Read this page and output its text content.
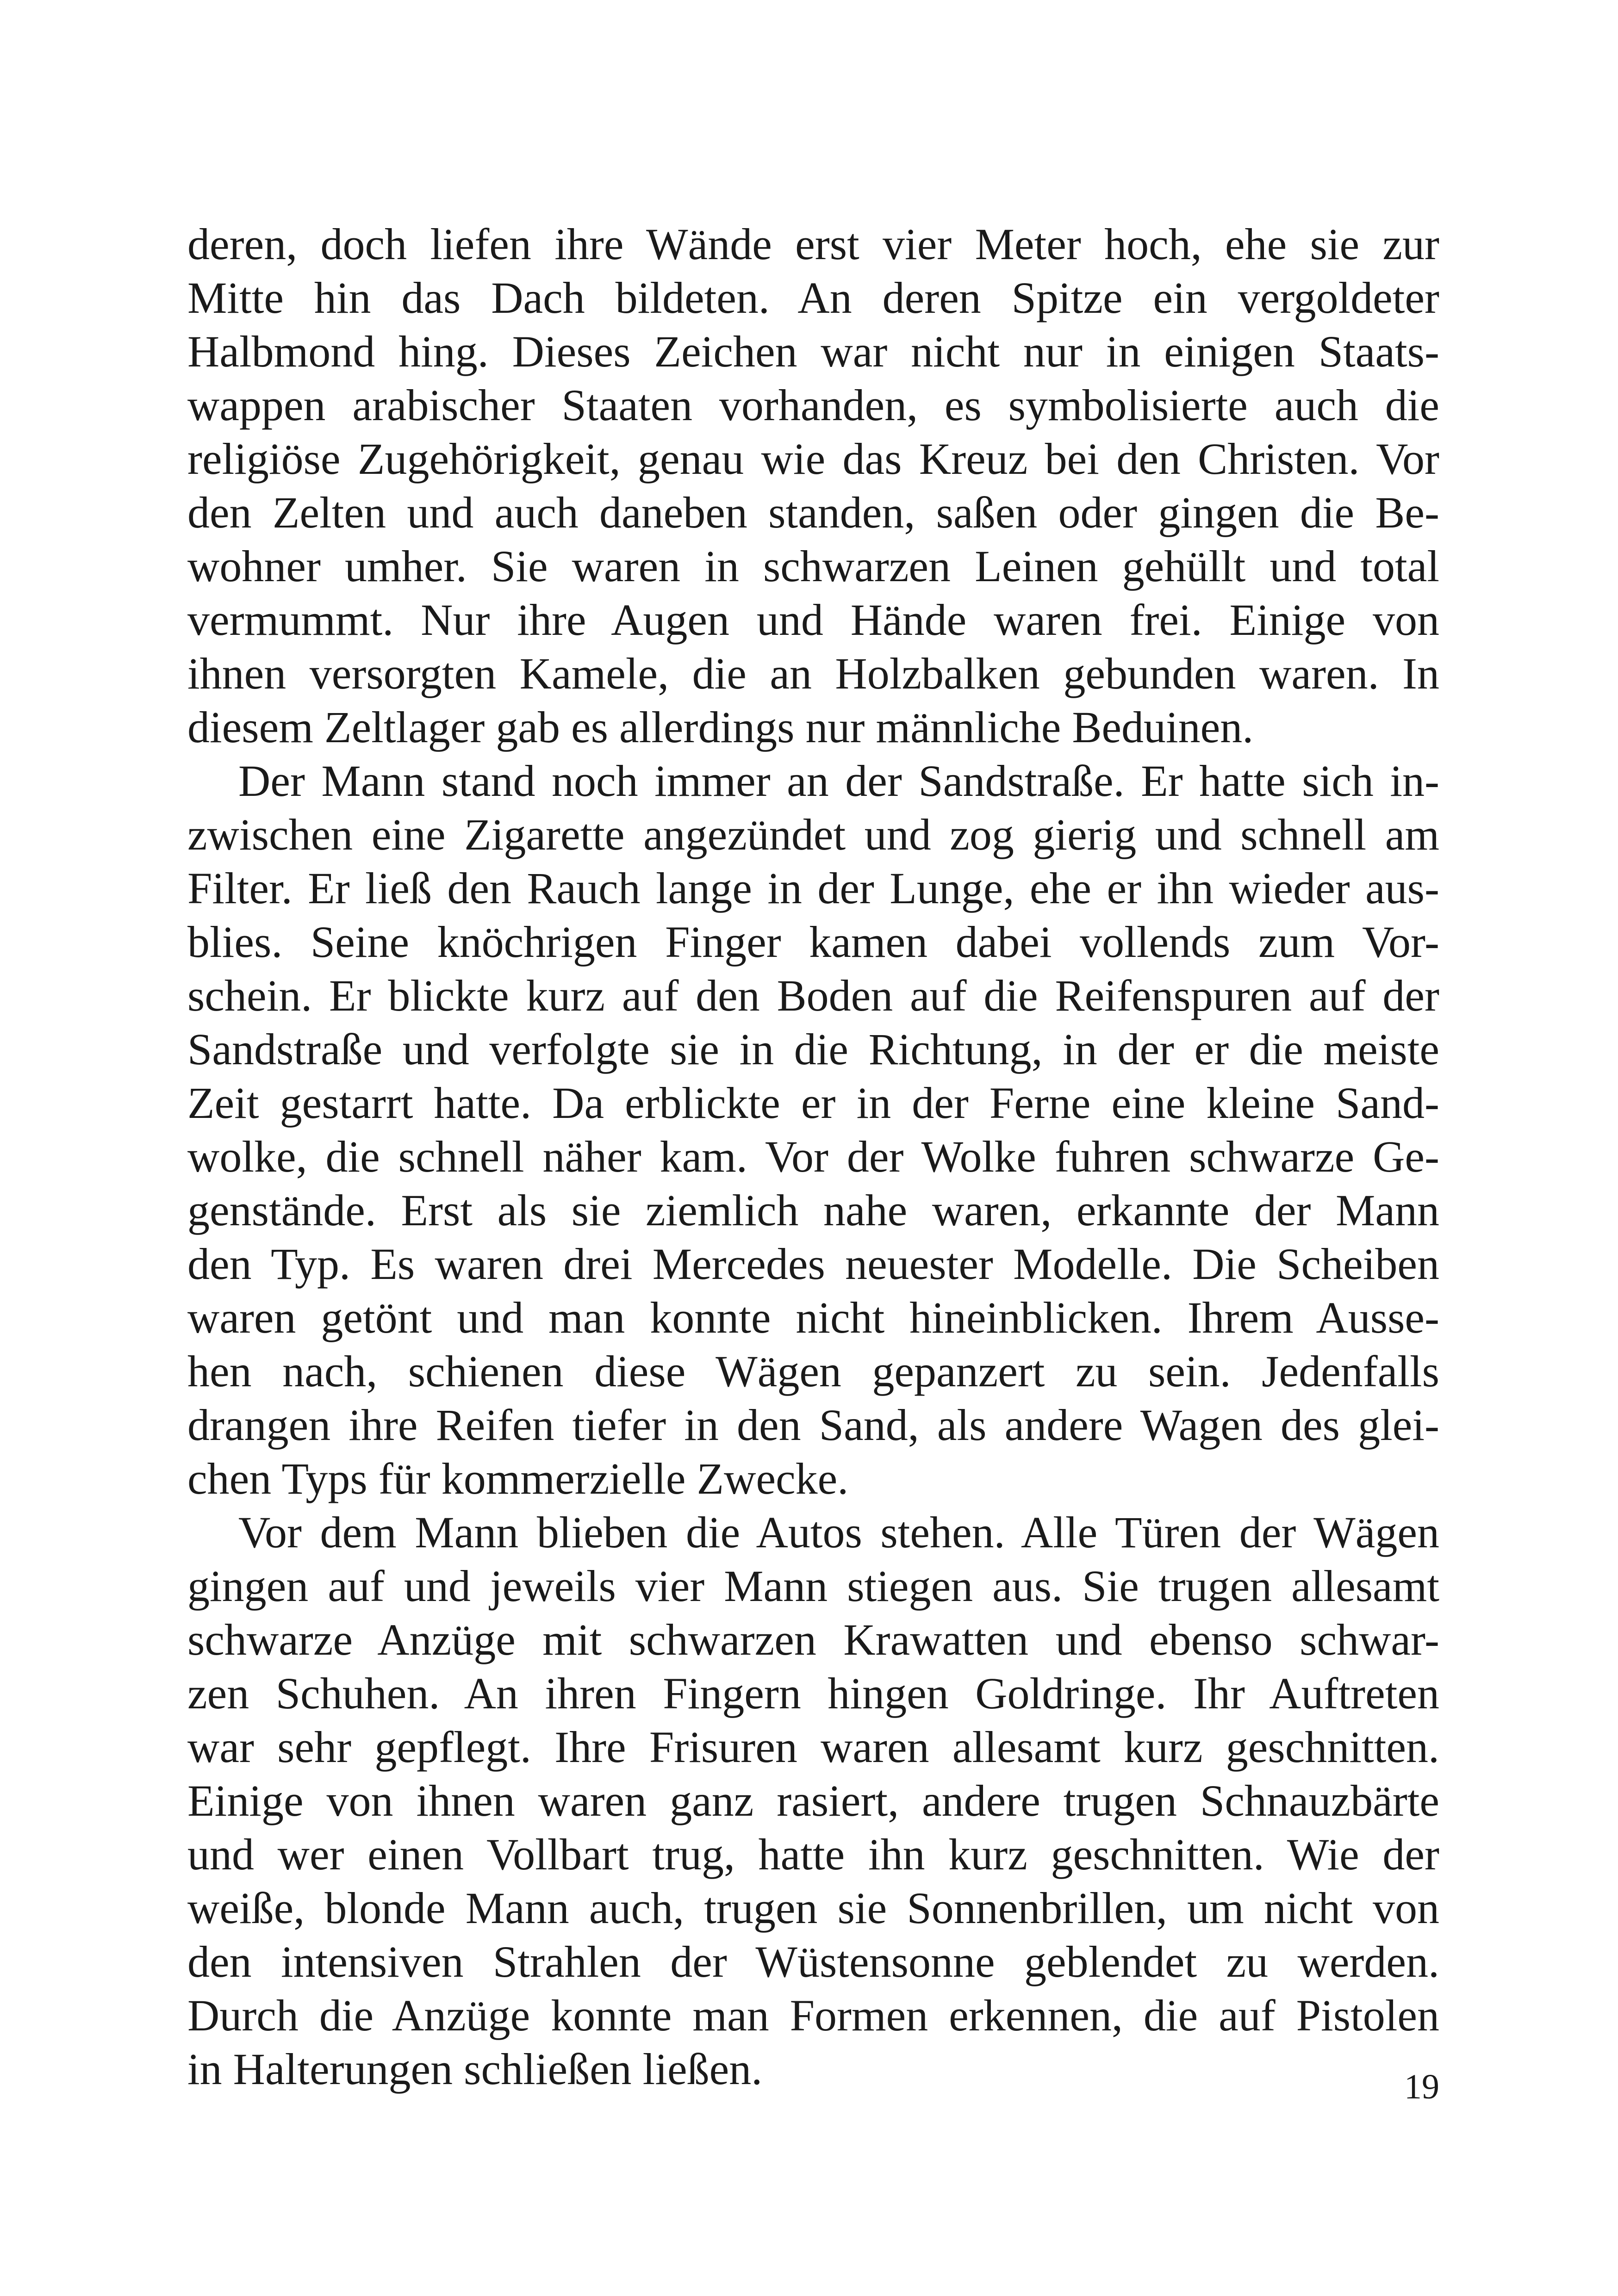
deren, doch liefen ihre Wände erst vier Meter hoch, ehe sie zur
Mitte hin das Dach bildeten. An deren Spitze ein vergoldeter
Halbmond hing. Dieses Zeichen war nicht nur in einigen Staats-
wappen arabischer Staaten vorhanden, es symbolisierte auch die
religiöse Zugehörigkeit, genau wie das Kreuz bei den Christen. Vor
den Zelten und auch daneben standen, saßen oder gingen die Be-
wohner umher. Sie waren in schwarzen Leinen gehüllt und total
vermummt. Nur ihre Augen und Hände waren frei. Einige von
ihnen versorgten Kamele, die an Holzbalken gebunden waren. In
diesem Zeltlager gab es allerdings nur männliche Beduinen.
Der Mann stand noch immer an der Sandstraße. Er hatte sich in-
zwischen eine Zigarette angezündet und zog gierig und schnell am
Filter. Er ließ den Rauch lange in der Lunge, ehe er ihn wieder aus-
blies. Seine knöchrigen Finger kamen dabei vollends zum Vor-
schein. Er blickte kurz auf den Boden auf die Reifenspuren auf der
Sandstraße und verfolgte sie in die Richtung, in der er die meiste
Zeit gestarrt hatte. Da erblickte er in der Ferne eine kleine Sand-
wolke, die schnell näher kam. Vor der Wolke fuhren schwarze Ge-
genstände. Erst als sie ziemlich nahe waren, erkannte der Mann
den Typ. Es waren drei Mercedes neuester Modelle. Die Scheiben
waren getönt und man konnte nicht hineinblicken. Ihrem Ausse-
hen nach, schienen diese Wägen gepanzert zu sein. Jedenfalls
drangen ihre Reifen tiefer in den Sand, als andere Wagen des glei-
chen Typs für kommerzielle Zwecke.
Vor dem Mann blieben die Autos stehen. Alle Türen der Wägen
gingen auf und jeweils vier Mann stiegen aus. Sie trugen allesamt
schwarze Anzüge mit schwarzen Krawatten und ebenso schwar-
zen Schuhen. An ihren Fingern hingen Goldringe. Ihr Auftreten
war sehr gepflegt. Ihre Frisuren waren allesamt kurz geschnitten.
Einige von ihnen waren ganz rasiert, andere trugen Schnauzbärte
und wer einen Vollbart trug, hatte ihn kurz geschnitten. Wie der
weiße, blonde Mann auch, trugen sie Sonnenbrillen, um nicht von
den intensiven Strahlen der Wüstensonne geblendet zu werden.
Durch die Anzüge konnte man Formen erkennen, die auf Pistolen
in Halterungen schließen ließen.	19
